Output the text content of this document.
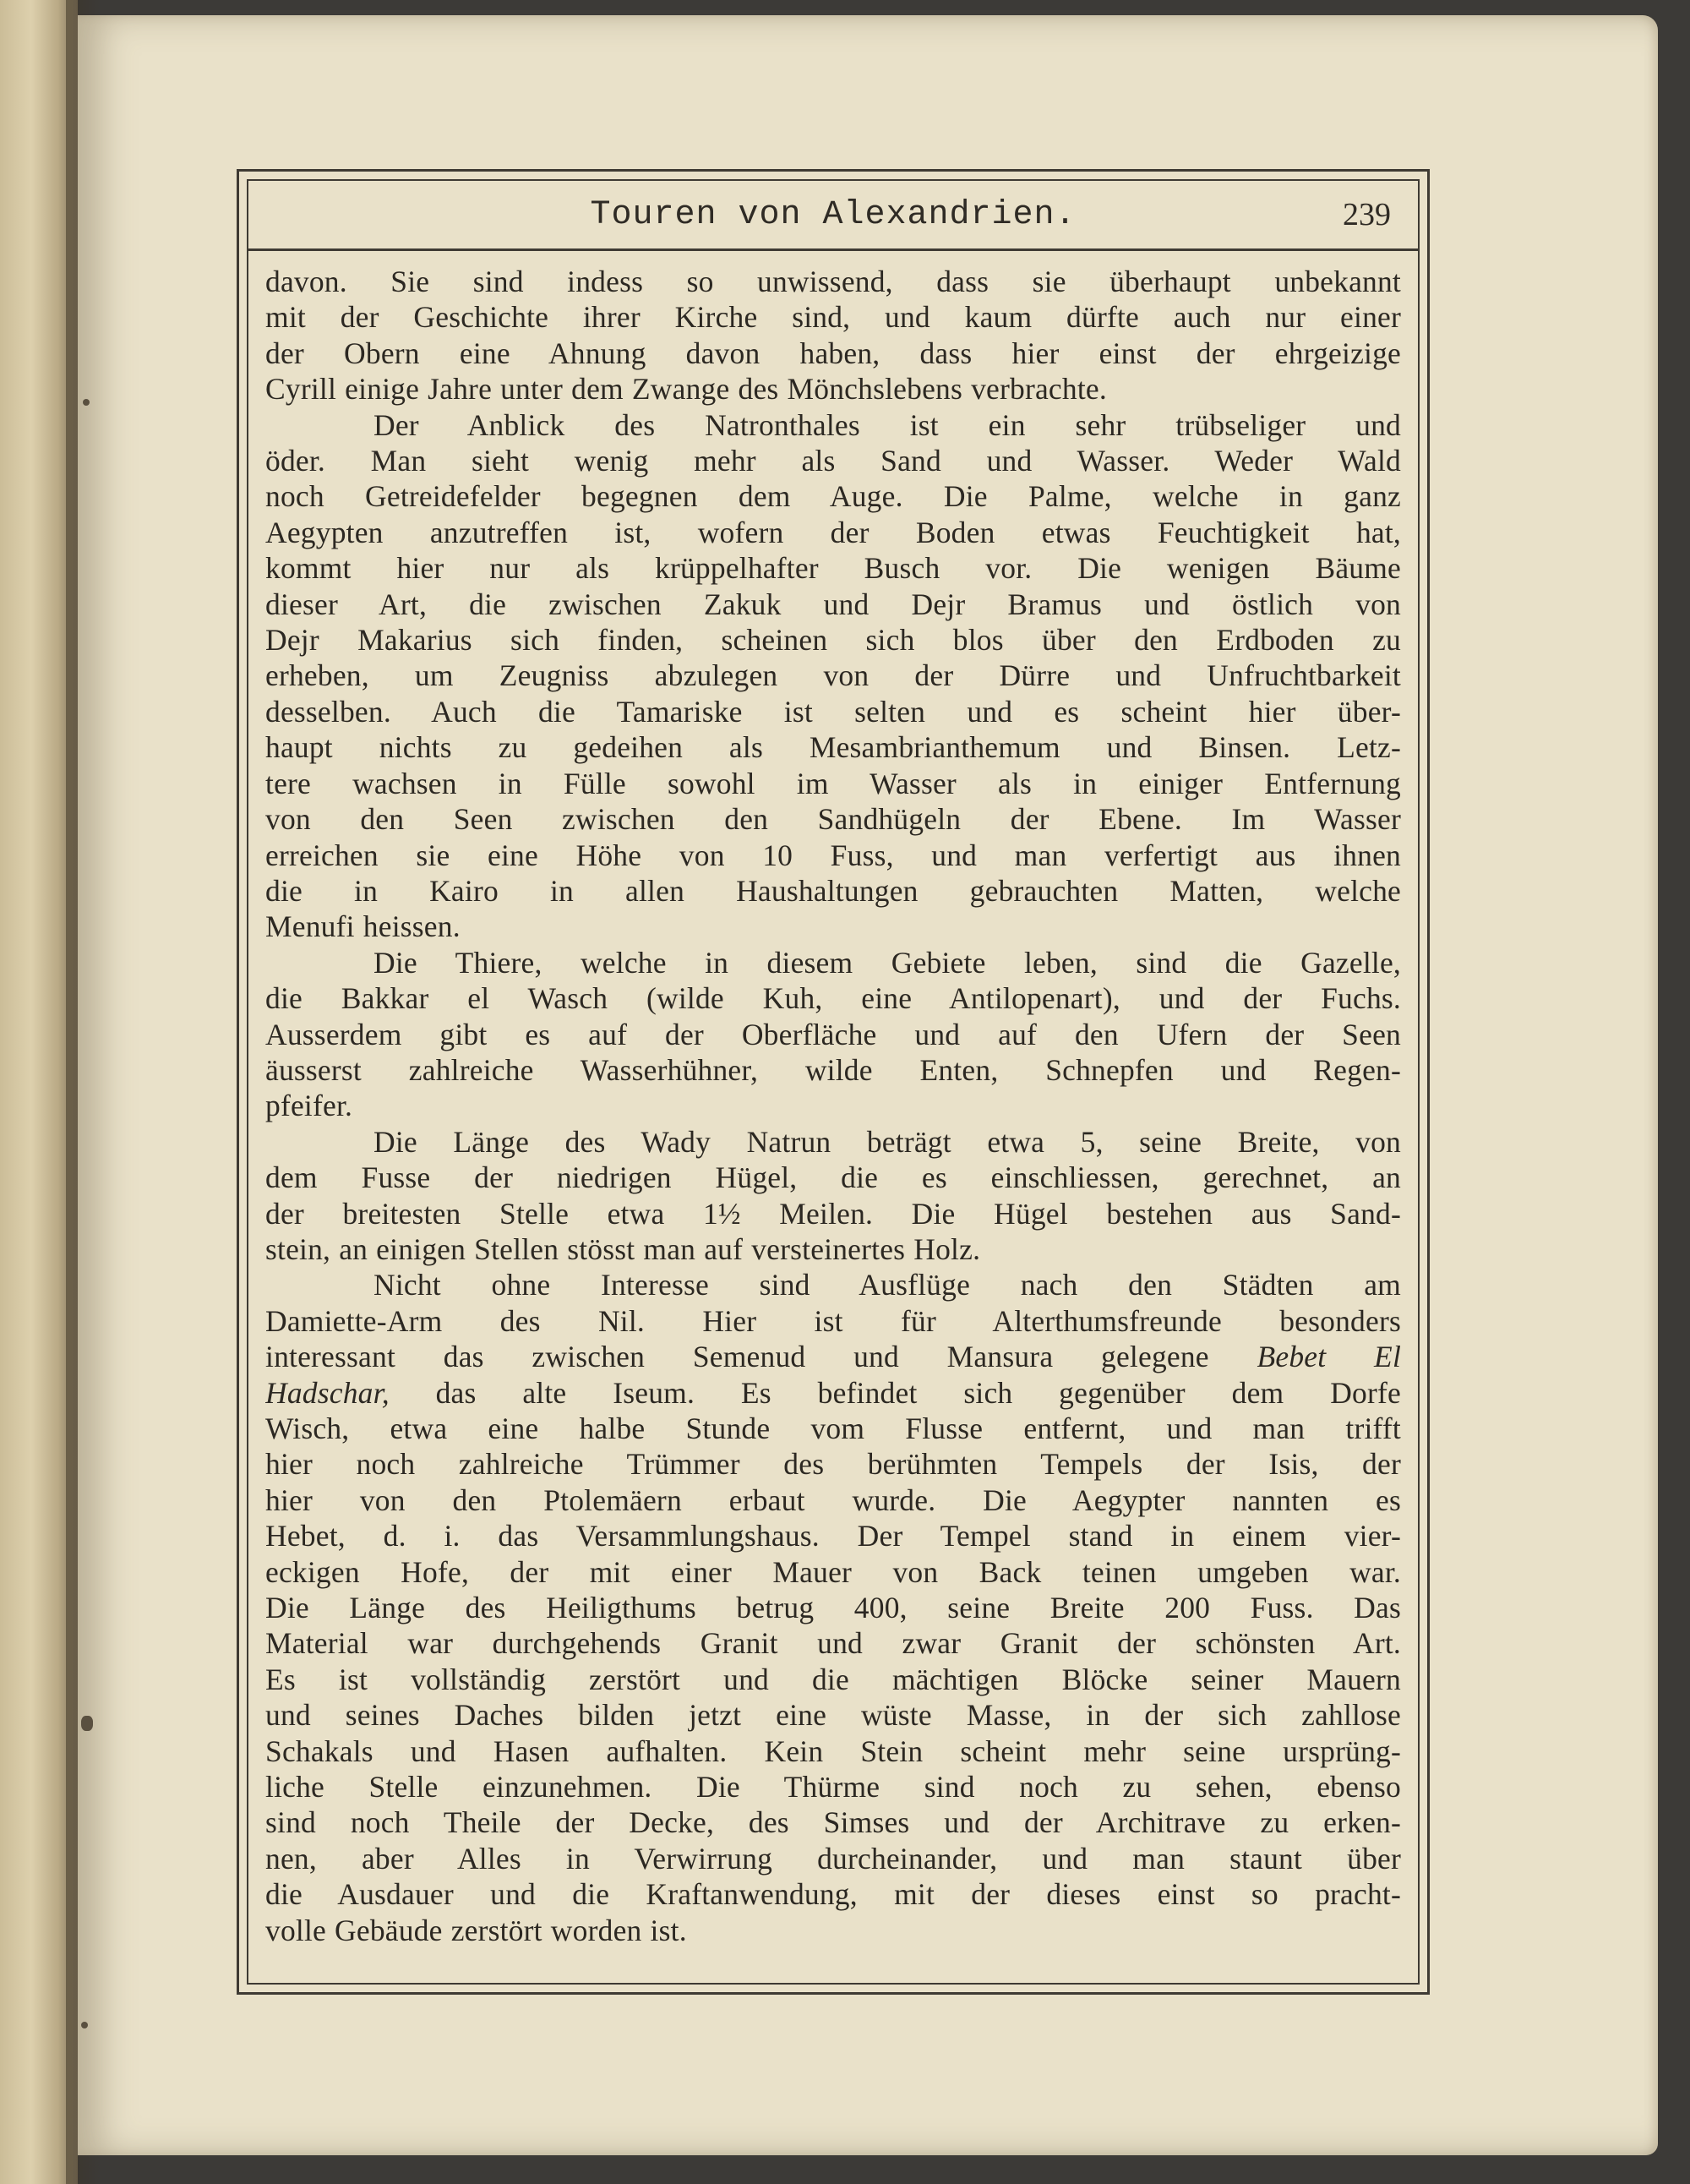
Touren von Alexandrien.	239

davon. Sie sind indess so unwissend, dass sie überhaupt unbekannt
mit der Geschichte ihrer Kirche sind, und kaum dürfte auch nur einer
der Obern eine Ahnung davon haben, dass hier einst der ehrgeizige
Cyrill einige Jahre unter dem Zwange des Mönchslebens verbrachte.

Der Anblick des Natronthales ist ein sehr trübseliger und
öder. Man sieht wenig mehr als Sand und Wasser. Weder Wald
noch Getreidefelder begegnen dem Auge. Die Palme, welche in ganz
Aegypten anzutreffen ist, wofern der Boden etwas Feuchtigkeit hat,
kommt hier nur als krüppelhafter Busch vor. Die wenigen Bäume
dieser Art, die zwischen Zakuk und Dejr Bramus und östlich von
Dejr Makarius sich finden, scheinen sich blos über den Erdboden zu
erheben, um Zeugniss abzulegen von der Dürre und Unfruchtbarkeit
desselben. Auch die Tamariske ist selten und es scheint hier über-
haupt nichts zu gedeihen als Mesambrianthemum und Binsen. Letz-
tere wachsen in Fülle sowohl im Wasser als in einiger Entfernung
von den Seen zwischen den Sandhügeln der Ebene. Im Wasser
erreichen sie eine Höhe von 10 Fuss, und man verfertigt aus ihnen
die in Kairo in allen Haushaltungen gebrauchten Matten, welche
Menufi heissen.

Die Thiere, welche in diesem Gebiete leben, sind die Gazelle,
die Bakkar el Wasch (wilde Kuh, eine Antilopenart), und der Fuchs.
Ausserdem gibt es auf der Oberfläche und auf den Ufern der Seen
äusserst zahlreiche Wasserhühner, wilde Enten, Schnepfen und Regen-
pfeifer.

Die Länge des Wady Natrun beträgt etwa 5, seine Breite, von
dem Fusse der niedrigen Hügel, die es einschliessen, gerechnet, an
der breitesten Stelle etwa 1½ Meilen. Die Hügel bestehen aus Sand-
stein, an einigen Stellen stösst man auf versteinertes Holz.

Nicht ohne Interesse sind Ausflüge nach den Städten am
Damiette-Arm des Nil. Hier ist für Alterthumsfreunde besonders
interessant das zwischen Semenud und Mansura gelegene Bebet El
Hadschar, das alte Iseum. Es befindet sich gegenüber dem Dorfe
Wisch, etwa eine halbe Stunde vom Flusse entfernt, und man trifft
hier noch zahlreiche Trümmer des berühmten Tempels der Isis, der
hier von den Ptolemäern erbaut wurde. Die Aegypter nannten es
Hebet, d. i. das Versammlungshaus. Der Tempel stand in einem vier-
eckigen Hofe, der mit einer Mauer von Back teinen umgeben war.
Die Länge des Heiligthums betrug 400, seine Breite 200 Fuss. Das
Material war durchgehends Granit und zwar Granit der schönsten Art.
Es ist vollständig zerstört und die mächtigen Blöcke seiner Mauern
und seines Daches bilden jetzt eine wüste Masse, in der sich zahllose
Schakals und Hasen aufhalten. Kein Stein scheint mehr seine ursprüng-
liche Stelle einzunehmen. Die Thürme sind noch zu sehen, ebenso
sind noch Theile der Decke, des Simses und der Architrave zu erken-
nen, aber Alles in Verwirrung durcheinander, und man staunt über
die Ausdauer und die Kraftanwendung, mit der dieses einst so pracht-
volle Gebäude zerstört worden ist.
